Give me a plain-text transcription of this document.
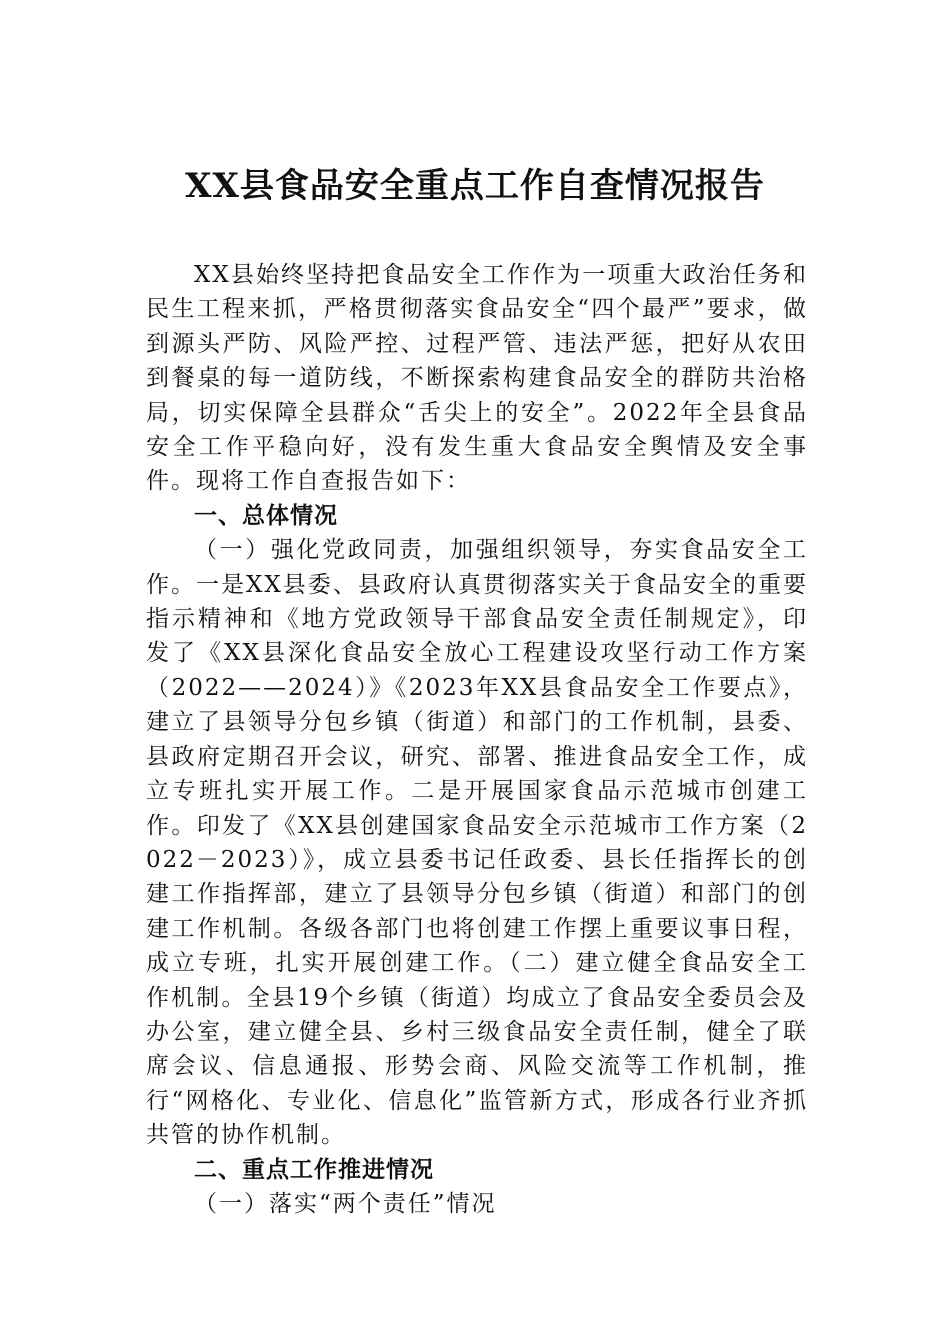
XX县食品安全重点工作自查情况报告

XX县始终坚持把食品安全工作作为一项重大政治任务和民生工程来抓，严格贯彻落实食品安全“四个最严”要求，做到源头严防、风险严控、过程严管、违法严惩，把好从农田到餐桌的每一道防线，不断探索构建食品安全的群防共治格局，切实保障全县群众“舌尖上的安全”。2022年全县食品安全工作平稳向好，没有发生重大食品安全舆情及安全事件。现将工作自查报告如下：

一、总体情况

（一）强化党政同责，加强组织领导，夯实食品安全工作。一是XX县委、县政府认真贯彻落实关于食品安全的重要指示精神和《地方党政领导干部食品安全责任制规定》，印发了《XX县深化食品安全放心工程建设攻坚行动工作方案（2022——2024）》《2023年XX县食品安全工作要点》，建立了县领导分包乡镇（街道）和部门的工作机制，县委、县政府定期召开会议，研究、部署、推进食品安全工作，成立专班扎实开展工作。二是开展国家食品示范城市创建工作。印发了《XX县创建国家食品安全示范城市工作方案（2022－2023）》，成立县委书记任政委、县长任指挥长的创建工作指挥部，建立了县领导分包乡镇（街道）和部门的创建工作机制。各级各部门也将创建工作摆上重要议事日程，成立专班，扎实开展创建工作。（二）建立健全食品安全工作机制。全县19个乡镇（街道）均成立了食品安全委员会及办公室，建立健全县、乡村三级食品安全责任制，健全了联席会议、信息通报、形势会商、风险交流等工作机制，推行“网格化、专业化、信息化”监管新方式，形成各行业齐抓共管的协作机制。

二、重点工作推进情况

（一）落实“两个责任”情况
